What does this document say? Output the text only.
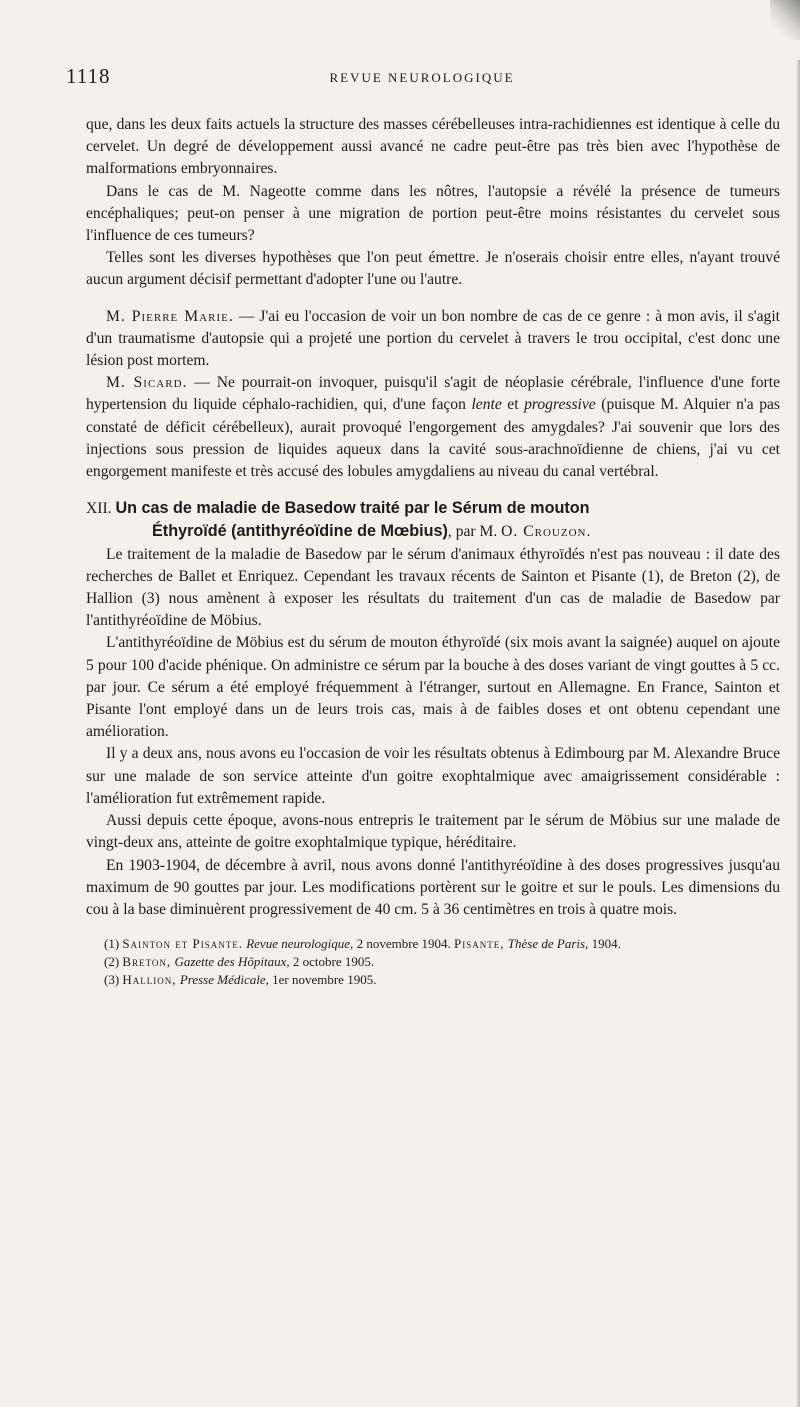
1118	REVUE NEUROLOGIQUE

que, dans les deux faits actuels la structure des masses cérébelleuses intra-rachidiennes est identique à celle du cervelet. Un degré de développement aussi avancé ne cadre peut-être pas très bien avec l'hypothèse de malformations embryonnaires.

Dans le cas de M. Nageotte comme dans les nôtres, l'autopsie a révélé la présence de tumeurs encéphaliques; peut-on penser à une migration de portion peut-être moins résistantes du cervelet sous l'influence de ces tumeurs?

Telles sont les diverses hypothèses que l'on peut émettre. Je n'oserais choisir entre elles, n'ayant trouvé aucun argument décisif permettant d'adopter l'une ou l'autre.

M. Pierre Marie. — J'ai eu l'occasion de voir un bon nombre de cas de ce genre : à mon avis, il s'agit d'un traumatisme d'autopsie qui a projeté une portion du cervelet à travers le trou occipital, c'est donc une lésion post mortem.

M. Sicard. — Ne pourrait-on invoquer, puisqu'il s'agit de néoplasie cérébrale, l'influence d'une forte hypertension du liquide céphalo-rachidien, qui, d'une façon lente et progressive (puisque M. Alquier n'a pas constaté de déficit cérébelleux), aurait provoqué l'engorgement des amygdales? J'ai souvenir que lors des injections sous pression de liquides aqueux dans la cavité sous-arachnoïdienne de chiens, j'ai vu cet engorgement manifeste et très accusé des lobules amygdaliens au niveau du canal vertébral.

XII. Un cas de maladie de Basedow traité par le Sérum de mouton
Éthyroïdé (antithyréoïdine de Mœbius), par M. O. Crouzon.

Le traitement de la maladie de Basedow par le sérum d'animaux éthyroïdés n'est pas nouveau : il date des recherches de Ballet et Enriquez. Cependant les travaux récents de Sainton et Pisante (1), de Breton (2), de Hallion (3) nous amènent à exposer les résultats du traitement d'un cas de maladie de Basedow par l'antithyréoïdine de Möbius.

L'antithyréoïdine de Möbius est du sérum de mouton éthyroïdé (six mois avant la saignée) auquel on ajoute 5 pour 100 d'acide phénique. On administre ce sérum par la bouche à des doses variant de vingt gouttes à 5 cc. par jour. Ce sérum a été employé fréquemment à l'étranger, surtout en Allemagne. En France, Sainton et Pisante l'ont employé dans un de leurs trois cas, mais à de faibles doses et ont obtenu cependant une amélioration.

Il y a deux ans, nous avons eu l'occasion de voir les résultats obtenus à Edimbourg par M. Alexandre Bruce sur une malade de son service atteinte d'un goitre exophtalmique avec amaigrissement considérable : l'amélioration fut extrêmement rapide.

Aussi depuis cette époque, avons-nous entrepris le traitement par le sérum de Möbius sur une malade de vingt-deux ans, atteinte de goitre exophtalmique typique, héréditaire.

En 1903-1904, de décembre à avril, nous avons donné l'antithyréoïdine à des doses progressives jusqu'au maximum de 90 gouttes par jour. Les modifications portèrent sur le goitre et sur le pouls. Les dimensions du cou à la base diminuèrent progressivement de 40 cm. 5 à 36 centimètres en trois à quatre mois.

(1) Sainton et Pisante. Revue neurologique, 2 novembre 1904. Pisante, Thèse de Paris, 1904.

(2) Breton, Gazette des Hôpitaux, 2 octobre 1905.

(3) Hallion, Presse Médicale, 1er novembre 1905.
